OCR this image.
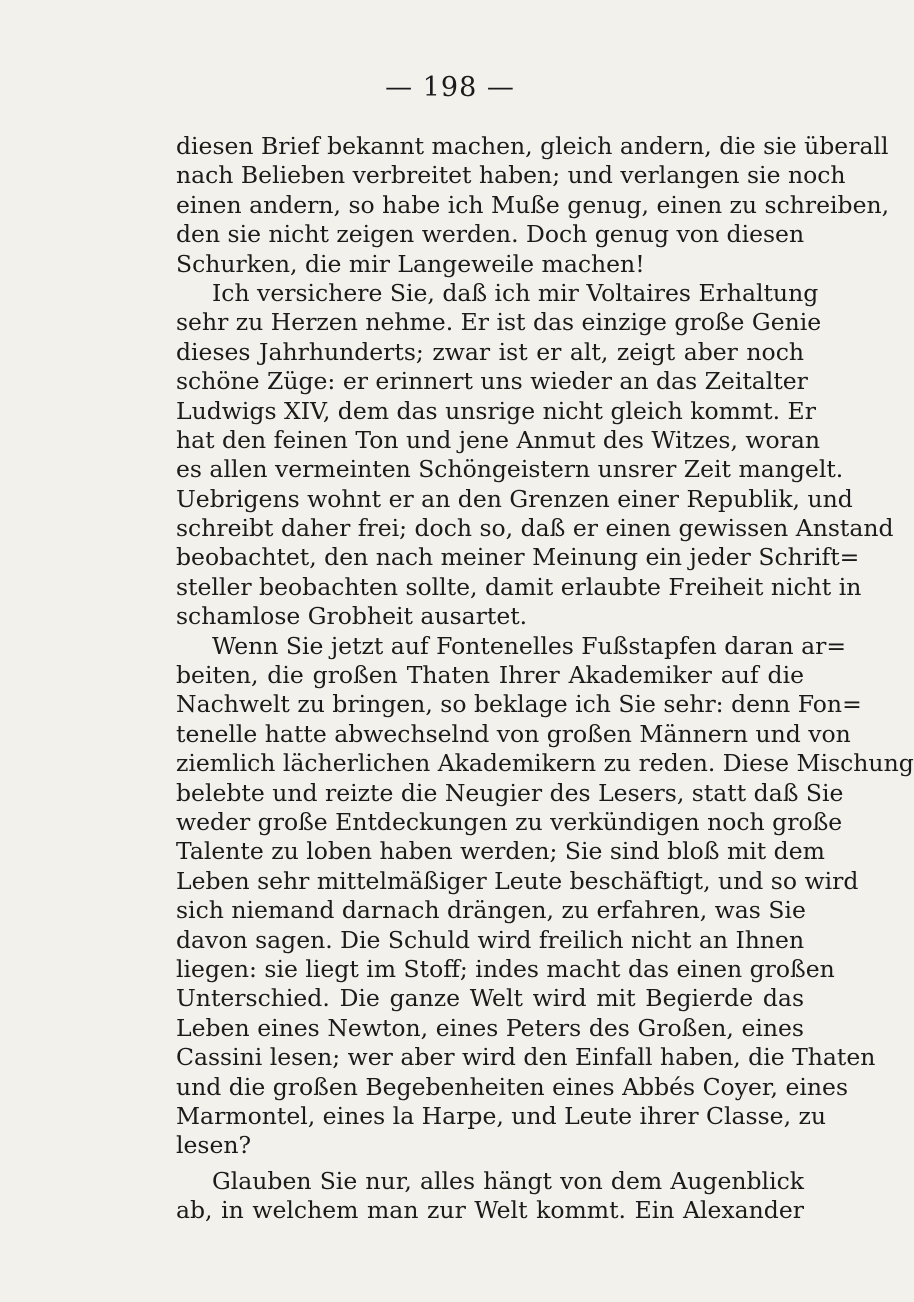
— 198 —
diesen Brief bekannt machen, gleich andern, die sie überall
nach Belieben verbreitet haben; und verlangen sie noch
einen andern, so habe ich Muße genug, einen zu schreiben,
den sie nicht zeigen werden. Doch genug von diesen
Schurken, die mir Langeweile machen!
Ich versichere Sie, daß ich mir Voltaires Erhaltung
sehr zu Herzen nehme. Er ist das einzige große Genie
dieses Jahrhunderts; zwar ist er alt, zeigt aber noch
schöne Züge: er erinnert uns wieder an das Zeitalter
Ludwigs XIV, dem das unsrige nicht gleich kommt. Er
hat den feinen Ton und jene Anmut des Witzes, woran
es allen vermeinten Schöngeistern unsrer Zeit mangelt.
Uebrigens wohnt er an den Grenzen einer Republik, und
schreibt daher frei; doch so, daß er einen gewissen Anstand
beobachtet, den nach meiner Meinung ein jeder Schrift=
steller beobachten sollte, damit erlaubte Freiheit nicht in
schamlose Grobheit ausartet.
Wenn Sie jetzt auf Fontenelles Fußstapfen daran ar=
beiten, die großen Thaten Ihrer Akademiker auf die
Nachwelt zu bringen, so beklage ich Sie sehr: denn Fon=
tenelle hatte abwechselnd von großen Männern und von
ziemlich lächerlichen Akademikern zu reden. Diese Mischung
belebte und reizte die Neugier des Lesers, statt daß Sie
weder große Entdeckungen zu verkündigen noch große
Talente zu loben haben werden; Sie sind bloß mit dem
Leben sehr mittelmäßiger Leute beschäftigt, und so wird
sich niemand darnach drängen, zu erfahren, was Sie
davon sagen. Die Schuld wird freilich nicht an Ihnen
liegen: sie liegt im Stoff; indes macht das einen großen
Unterschied. Die ganze Welt wird mit Begierde das
Leben eines Newton, eines Peters des Großen, eines
Cassini lesen; wer aber wird den Einfall haben, die Thaten
und die großen Begebenheiten eines Abbés Coyer, eines
Marmontel, eines la Harpe, und Leute ihrer Classe, zu
lesen?
Glauben Sie nur, alles hängt von dem Augenblick
ab, in welchem man zur Welt kommt. Ein Alexander
